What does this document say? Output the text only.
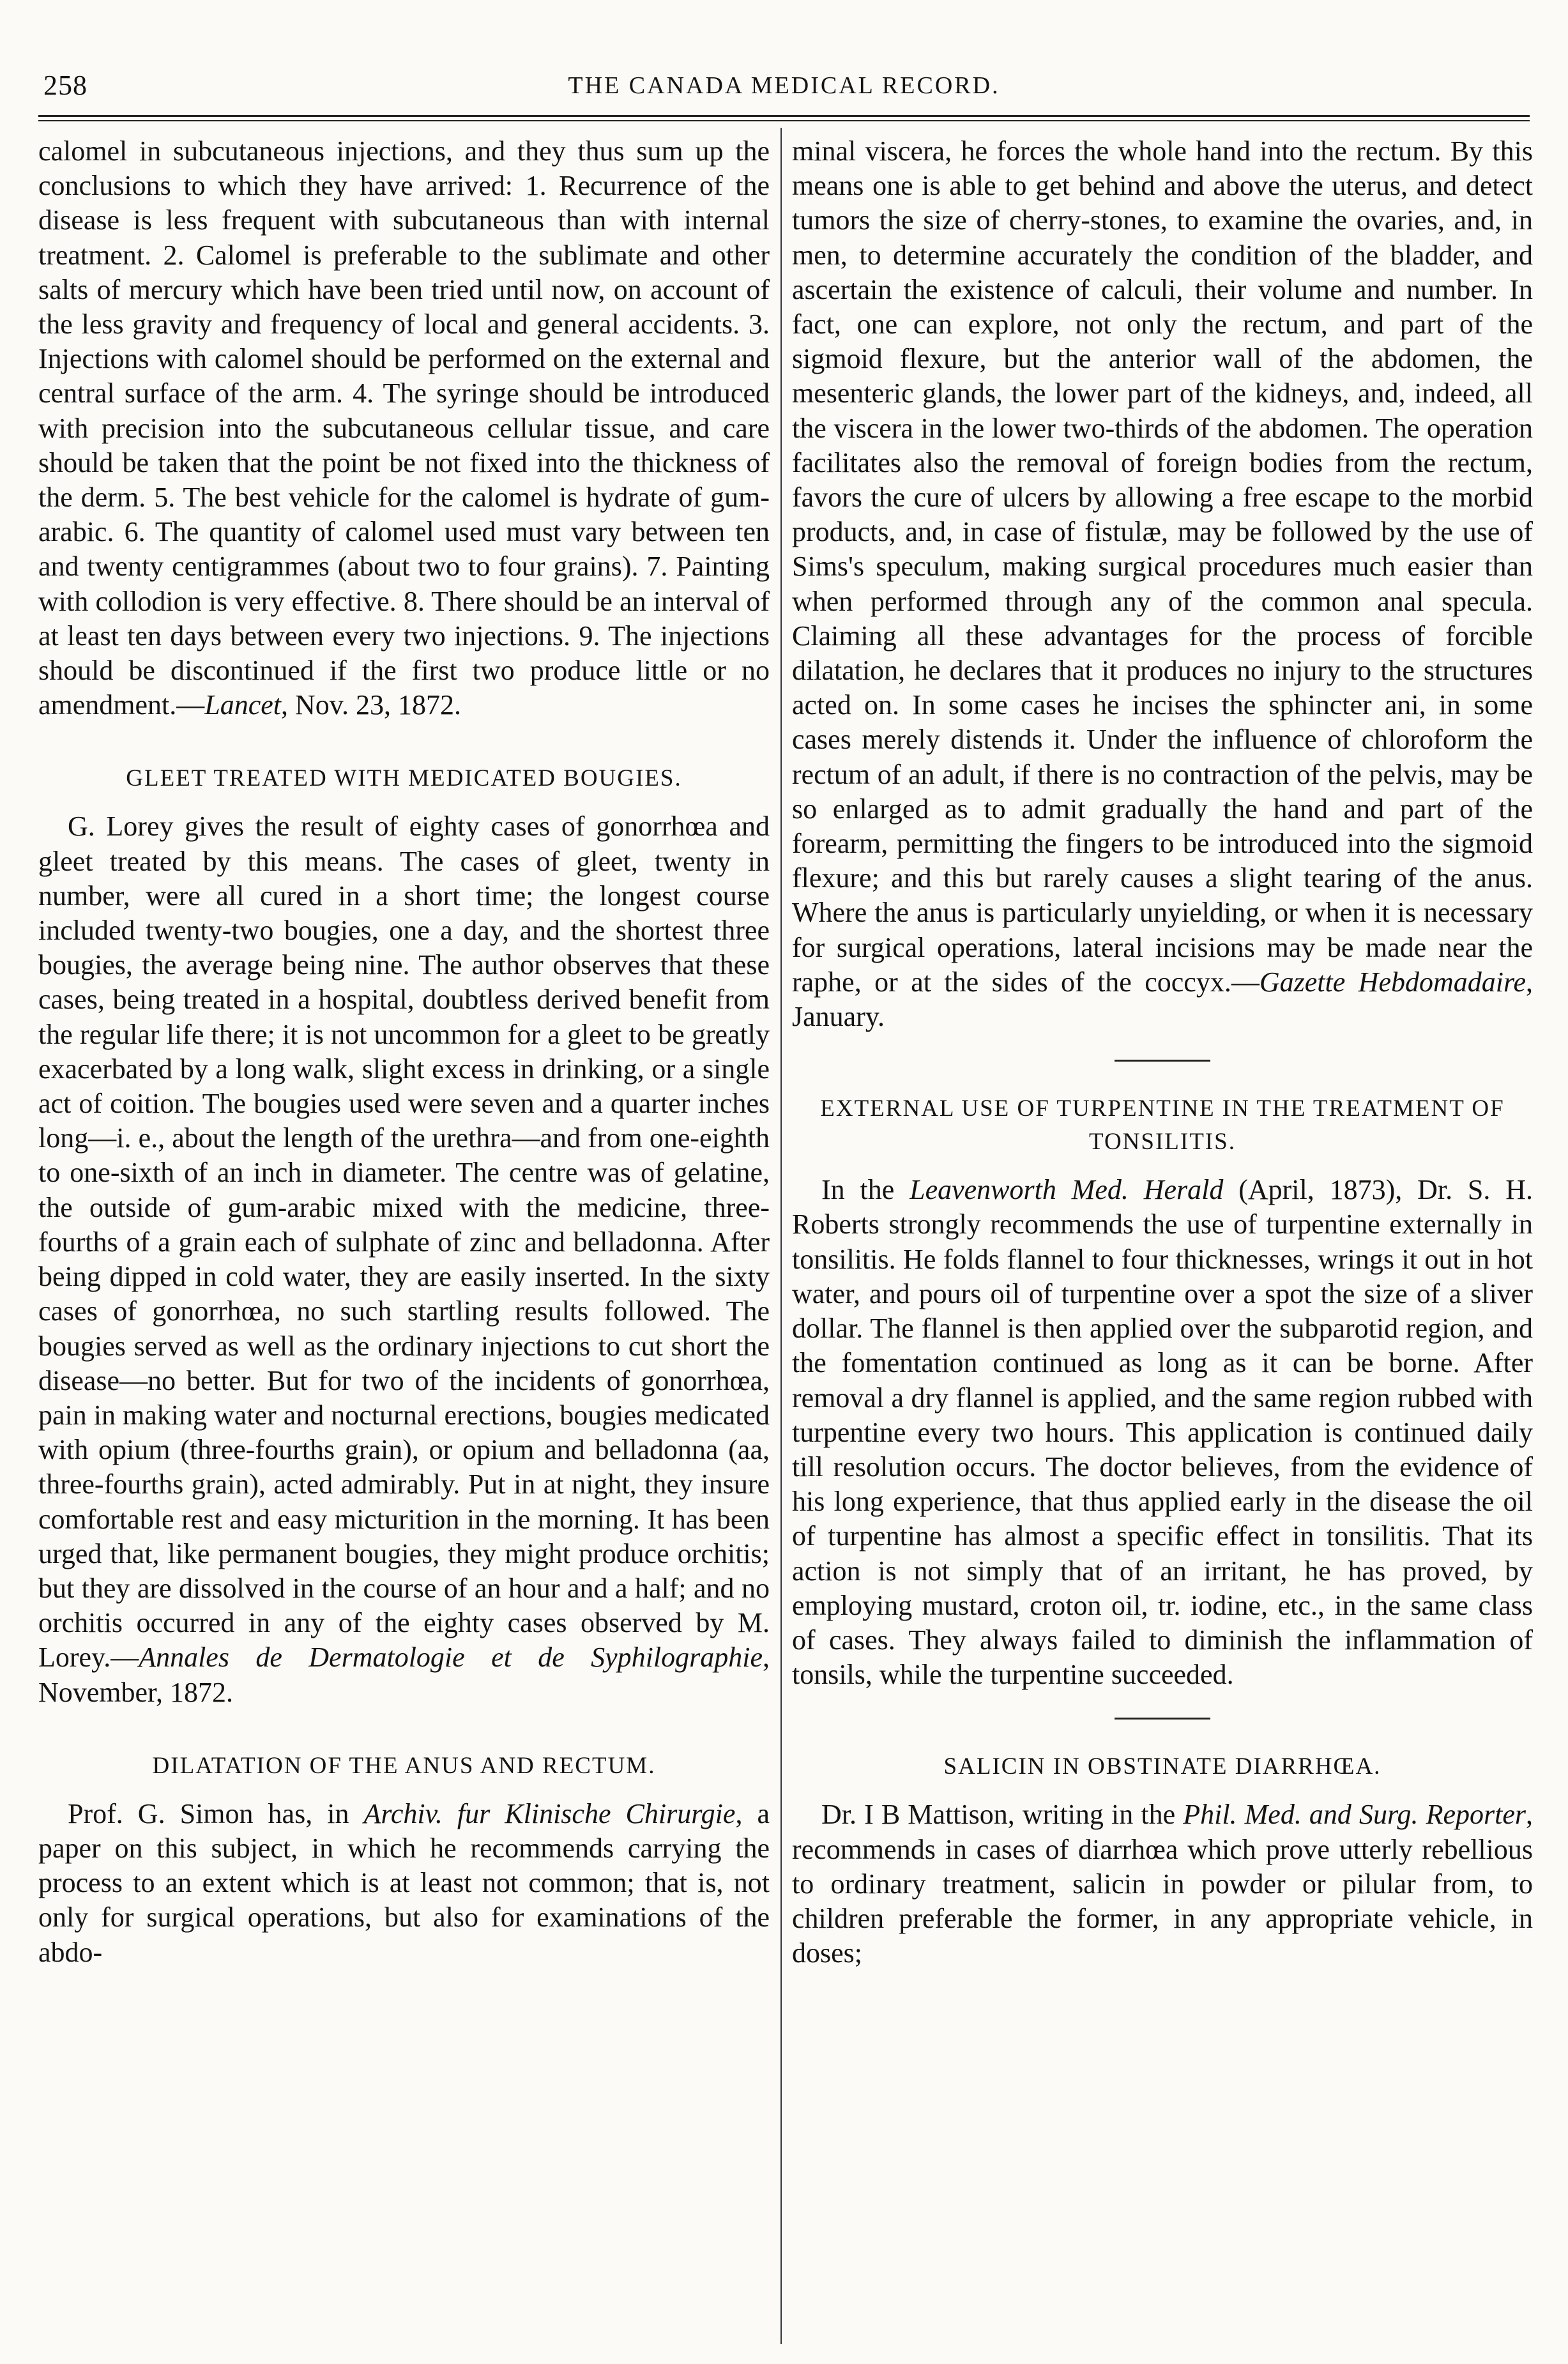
258	THE CANADA MEDICAL RECORD.

calomel in subcutaneous injections, and they thus sum up the conclusions to which they have arrived: 1. Recurrence of the disease is less frequent with subcutaneous than with internal treatment. 2. Calomel is preferable to the sublimate and other salts of mercury which have been tried until now, on account of the less gravity and frequency of local and general accidents. 3. Injections with calomel should be performed on the external and central surface of the arm. 4. The syringe should be introduced with precision into the subcutaneous cellular tissue, and care should be taken that the point be not fixed into the thickness of the derm. 5. The best vehicle for the calomel is hydrate of gum-arabic. 6. The quantity of calomel used must vary between ten and twenty centigrammes (about two to four grains). 7. Painting with collodion is very effective. 8. There should be an interval of at least ten days between every two injections. 9. The injections should be discontinued if the first two produce little or no amendment.—Lancet, Nov. 23, 1872.

GLEET TREATED WITH MEDICATED BOUGIES.

G. Lorey gives the result of eighty cases of gonorrhœa and gleet treated by this means. The cases of gleet, twenty in number, were all cured in a short time; the longest course included twenty-two bougies, one a day, and the shortest three bougies, the average being nine. The author observes that these cases, being treated in a hospital, doubtless derived benefit from the regular life there; it is not uncommon for a gleet to be greatly exacerbated by a long walk, slight excess in drinking, or a single act of coition. The bougies used were seven and a quarter inches long—i. e., about the length of the urethra—and from one-eighth to one-sixth of an inch in diameter. The centre was of gelatine, the outside of gum-arabic mixed with the medicine, three-fourths of a grain each of sulphate of zinc and belladonna. After being dipped in cold water, they are easily inserted. In the sixty cases of gonorrhœa, no such startling results followed. The bougies served as well as the ordinary injections to cut short the disease—no better. But for two of the incidents of gonorrhœa, pain in making water and nocturnal erections, bougies medicated with opium (three-fourths grain), or opium and belladonna (aa, three-fourths grain), acted admirably. Put in at night, they insure comfortable rest and easy micturition in the morning. It has been urged that, like permanent bougies, they might produce orchitis; but they are dissolved in the course of an hour and a half; and no orchitis occurred in any of the eighty cases observed by M. Lorey.—Annales de Dermatologie et de Syphilographie, November, 1872.

DILATATION OF THE ANUS AND RECTUM.

Prof. G. Simon has, in Archiv. fur Klinische Chirurgie, a paper on this subject, in which he recommends carrying the process to an extent which is at least not common; that is, not only for surgical operations, but also for examinations of the abdo-

minal viscera, he forces the whole hand into the rectum. By this means one is able to get behind and above the uterus, and detect tumors the size of cherry-stones, to examine the ovaries, and, in men, to determine accurately the condition of the bladder, and ascertain the existence of calculi, their volume and number. In fact, one can explore, not only the rectum, and part of the sigmoid flexure, but the anterior wall of the abdomen, the mesenteric glands, the lower part of the kidneys, and, indeed, all the viscera in the lower two-thirds of the abdomen. The operation facilitates also the removal of foreign bodies from the rectum, favors the cure of ulcers by allowing a free escape to the morbid products, and, in case of fistulæ, may be followed by the use of Sims's speculum, making surgical procedures much easier than when performed through any of the common anal specula. Claiming all these advantages for the process of forcible dilatation, he declares that it produces no injury to the structures acted on. In some cases he incises the sphincter ani, in some cases merely distends it. Under the influence of chloroform the rectum of an adult, if there is no contraction of the pelvis, may be so enlarged as to admit gradually the hand and part of the forearm, permitting the fingers to be introduced into the sigmoid flexure; and this but rarely causes a slight tearing of the anus. Where the anus is particularly unyielding, or when it is necessary for surgical operations, lateral incisions may be made near the raphe, or at the sides of the coccyx.—Gazette Hebdomadaire, January.

EXTERNAL USE OF TURPENTINE IN THE TREATMENT OF TONSILITIS.

In the Leavenworth Med. Herald (April, 1873), Dr. S. H. Roberts strongly recommends the use of turpentine externally in tonsilitis. He folds flannel to four thicknesses, wrings it out in hot water, and pours oil of turpentine over a spot the size of a sliver dollar. The flannel is then applied over the subparotid region, and the fomentation continued as long as it can be borne. After removal a dry flannel is applied, and the same region rubbed with turpentine every two hours. This application is continued daily till resolution occurs. The doctor believes, from the evidence of his long experience, that thus applied early in the disease the oil of turpentine has almost a specific effect in tonsilitis. That its action is not simply that of an irritant, he has proved, by employing mustard, croton oil, tr. iodine, etc., in the same class of cases. They always failed to diminish the inflammation of tonsils, while the turpentine succeeded.

SALICIN IN OBSTINATE DIARRHŒA.

Dr. I B Mattison, writing in the Phil. Med. and Surg. Reporter, recommends in cases of diarrhœa which prove utterly rebellious to ordinary treatment, salicin in powder or pilular from, to children preferable the former, in any appropriate vehicle, in doses;
